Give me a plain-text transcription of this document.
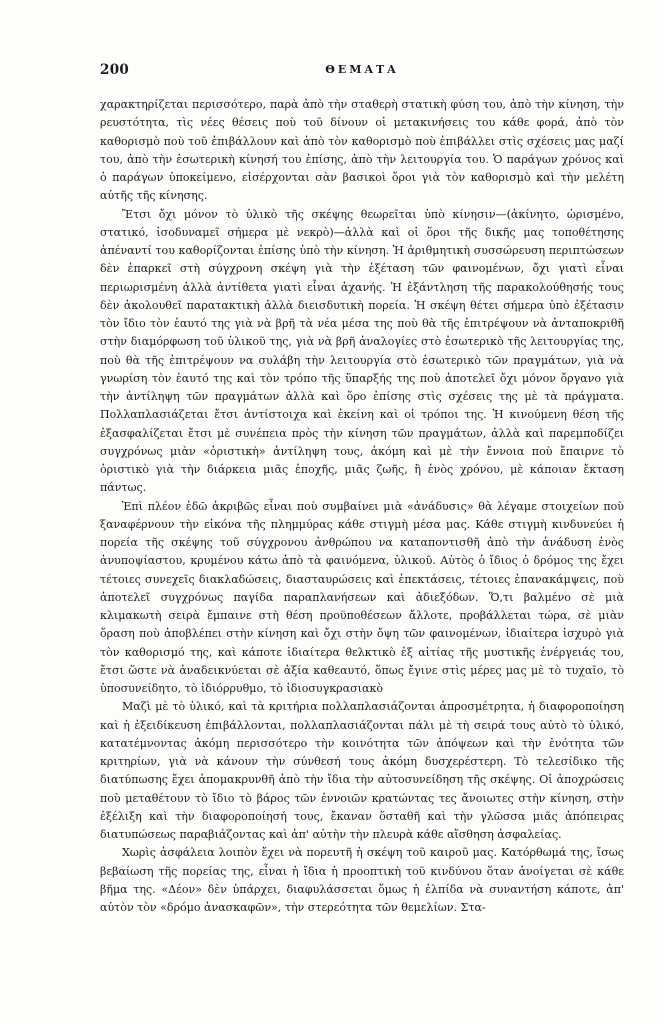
200	ΘΕΜΑΤΑ

χαρακτηρίζεται περισσότερο, παρὰ ἀπὸ τὴν σταθερὴ στατικὴ φύση του, ἀπὸ τὴν κίνηση, τὴν ρευστότητα, τὶς νέες θέσεις ποὺ τοῦ δίνουν οἱ μετακινήσεις του κάθε φορά, ἀπὸ τὸν καθορισμὸ ποὺ τοῦ ἐπιβάλλουν καὶ ἀπὸ τὸν καθορισμὸ ποὺ ἐπιβάλλει στὶς σχέσεις μας μαζί του, ἀπὸ τὴν ἐσωτερικὴ κίνησή του ἐπίσης, ἀπὸ τὴν λειτουργία του. Ὁ παράγων χρόνος καὶ ὁ παράγων ὑποκείμενο, εἰσέρχονται σὰν βασικοὶ ὅροι γιὰ τὸν καθορισμὸ καὶ τὴν μελέτη αὐτῆς τῆς κίνησης.

Ἔτσι ὄχι μόνον τὸ ὑλικὸ τῆς σκέψης θεωρεῖται ὑπὸ κίνησιν—(ἀκίνητο, ὡρισμένο, στατικό, ἰσοδυναμεῖ σήμερα μὲ νεκρὸ)—ἀλλὰ καὶ οἱ ὅροι τῆς δικῆς μας τοποθέτησης ἀπέναντί του καθορίζονται ἐπίσης ὑπὸ τὴν κίνηση. Ἡ ἀριθμητικὴ συσσώρευση περιπτώσεων δὲν ἐπαρκεῖ στὴ σύγχρονη σκέψη γιὰ τὴν ἐξέταση τῶν φαινομένων, ὄχι γιατὶ εἶναι περιωρισμένη ἀλλὰ ἀντίθετα γιατὶ εἶναι ἀχανής. Ἡ ἐξάντληση τῆς παρακολούθησής τους δὲν ἀκολουθεῖ παρατακτικὴ ἀλλὰ διεισδυτικὴ πορεία. Ἡ σκέψη θέτει σήμερα ὑπὸ ἐξέτασιν τὸν ἴδιο τὸν ἑαυτό της γιὰ νὰ βρῆ τὰ νέα μέσα της ποὺ θὰ τῆς ἐπιτρέψουν νὰ ἀνταποκριθῆ στὴν διαμόρφωση τοῦ ὑλικοῦ της, γιὰ νὰ βρῆ ἀναλογίες στὸ ἐσωτερικὸ τῆς λειτουργίας της, ποὺ θὰ τῆς ἐπιτρέψουν να συλάβη τὴν λειτουργία στὸ ἐσωτερικὸ τῶν πραγμάτων, γιὰ νὰ γνωρίση τὸν ἑαυτό της καὶ τὸν τρόπο τῆς ὕπαρξής της ποὺ ἀποτελεῖ ὄχι μόνον ὄργανο γιὰ τὴν ἀντίληψη τῶν πραγμάτων ἀλλὰ καὶ ὅρο ἐπίσης στὶς σχέσεις της μὲ τὰ πράγματα. Πολλαπλασιάζεται ἔτσι ἀντίστοιχα καὶ ἐκείνη καὶ οἱ τρόποι της. Ἡ κινούμενη θέση τῆς ἐξασφαλίζεται ἔτσι μὲ συνέπεια πρὸς τὴν κίνηση τῶν πραγμάτων, ἀλλὰ καὶ παρεμποδίζει συγχρόνως μιὰν «ὁριστικὴ» ἀντίληψη τους, ἀκόμη καὶ μὲ τὴν ἔννοια ποὺ ἔπαιρνε τὸ ὁριστικὸ γιὰ τὴν διάρκεια μιᾶς ἐποχῆς, μιᾶς ζωῆς, ἢ ἑνὸς χρόνου, μὲ κάποιαν ἔκταση πάντως.

Ἐπὶ πλέον ἐδῶ ἀκριβῶς εἶναι ποὺ συμβαίνει μιὰ «ἀνάδυσις» θὰ λέγαμε στοιχείων ποὺ ξαναφέρνουν τὴν εἰκόνα τῆς πλημμύρας κάθε στιγμὴ μέσα μας. Κάθε στιγμὴ κινδυνεύει ἡ πορεία τῆς σκέψης τοῦ σύγχρονου ἀνθρώπου να καταποντισθῆ ἀπὸ τὴν ἀνάδυση ἑνὸς ἀνυποψίαστου, κρυμένου κάτω ἀπὸ τὰ φαινόμενα, ὑλικοῦ. Αὐτὸς ὁ ἴδιος ὁ δρόμος της ἔχει τέτοιες συνεχεῖς διακλαδώσεις, διασταυρώσεις καὶ ἐπεκτάσεις, τέτοιες ἐπανακάμψεις, ποὺ ἀποτελεῖ συγχρόνως παγίδα παραπλανήσεων καὶ ἀδιεξόδων. Ὅ,τι βαλμένο σὲ μιὰ κλιμακωτὴ σειρὰ ἔμπαινε στὴ θέση προϋποθέσεων ἄλλοτε, προβάλλεται τώρα, σὲ μιὰν ὅραση ποὺ ἀποβλέπει στὴν κίνηση καὶ ὄχι στὴν ὄψη τῶν φαινομένων, ἰδιαίτερα ἰσχυρὸ γιὰ τὸν καθορισμό της, καὶ κάποτε ἰδιαίτερα θελκτικὸ ἐξ αἰτίας τῆς μυστικῆς ἐνέργειάς του, ἔτσι ὥστε νὰ ἀναδεικνύεται σὲ ἀξία καθεαυτό, ὅπως ἔγινε στὶς μέρες μας μὲ τὸ τυχαῖο, τὸ ὑποσυνείδητο, τὸ ἰδιόρρυθμο, τὸ ἰδιοσυγκρασιακὸ

Μαζὶ μὲ τὸ ὑλικό, καὶ τὰ κριτήρια πολλαπλασιάζονται ἀπροσμέτρητα, ἡ διαφοροποίηση καὶ ἡ ἐξειδίκευση ἐπιβάλλονται, πολλαπλασιάζονται πάλι μὲ τὴ σειρά τους αὐτὸ τὸ ὑλικό, κατατέμνοντας ἀκόμη περισσότερο τὴν κοινότητα τῶν ἀπόψεων καὶ τὴν ἑνότητα τῶν κριτηρίων, γιὰ νὰ κάνουν τὴν σύνθεσή τους ἀκόμη δυσχερέστερη. Τὸ τελεσίδικο τῆς διατύπωσης ἔχει ἀπομακρυνθῆ ἀπὸ τὴν ἴδια τὴν αὐτοσυνείδηση τῆς σκέψης. Οἱ ἀποχρώσεις ποὺ μεταθέτουν τὸ ἴδιο τὸ βάρος τῶν ἐννοιῶν κρατώντας τες ἄνοιωτες στὴν κίνηση, στὴν ἐξέλιξη καὶ τὴν διαφοροποίησή τους, ἔκαναν ὅσταθῆ καὶ τὴν γλῶσσα μιᾶς ἀπόπειρας διατυπώσεως παραβιάζοντας καὶ ἀπ' αὐτὴν τὴν πλευρὰ κάθε αἴσθηση ἀσφαλείας.

Χωρὶς ἀσφάλεια λοιπὸν ἔχει νὰ πορευτῆ ἡ σκέψη τοῦ καιροῦ μας. Κατόρθωμά της, ἴσως βεβαίωση τῆς πορείας της, εἶναι ἡ ἴδια ἡ προοπτικὴ τοῦ κινδύνου ὅταν ἀνοίγεται σὲ κάθε βῆμα της. «Δέον» δὲν ὑπάρχει, διαφυλάσσεται ὅμως ἡ ἐλπίδα νὰ συναντήση κάποτε, ἀπ' αὐτὸν τὸν «δρόμο ἀνασκαφῶν», τὴν στερεότητα τῶν θεμελίων. Στα-
